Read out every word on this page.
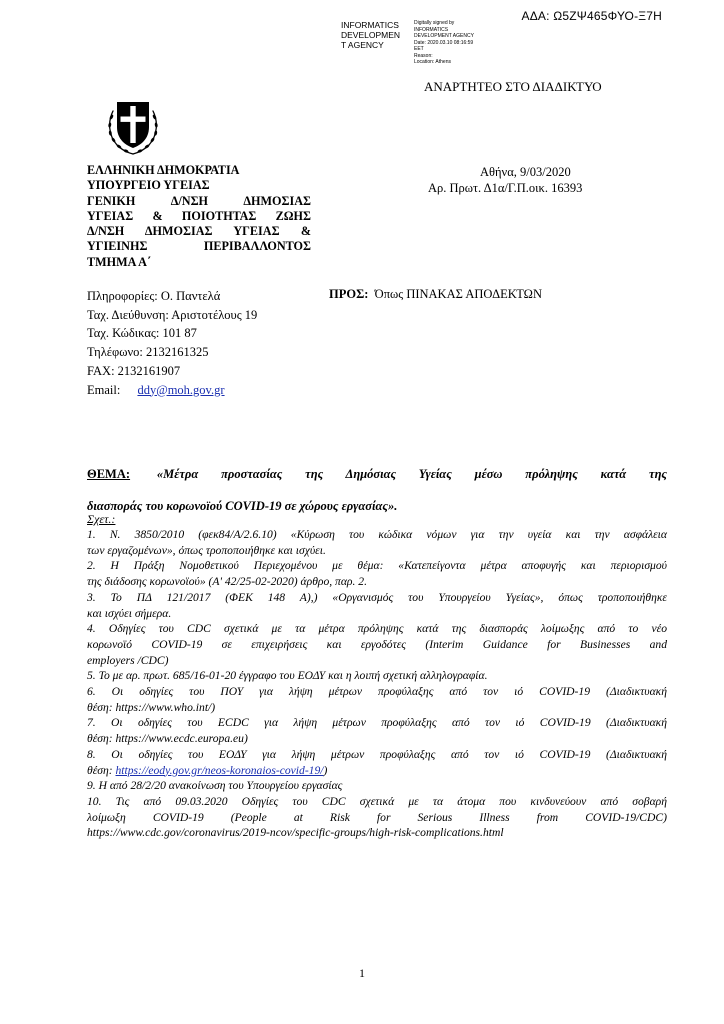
ΑΔΑ: Ω5ΖΨ465ΦΥΟ-Ξ7Η
INFORMATICS
DEVELOPMEN
T AGENCY
Digitally signed by
INFORMATICS
DEVELOPMENT AGENCY
Date: 2020.03.10 08:16:59
EET
Reason:
Location: Athens
ΑΝΑΡΤΗΤΕΟ ΣΤΟ ΔΙΑΔΙΚΤΥΟ
ΕΛΛΗΝΙΚΗ ΔΗΜΟΚΡΑΤΙΑ
ΥΠΟΥΡΓΕΙΟ ΥΓΕΙΑΣ
ΓΕΝΙΚΗ Δ/ΝΣΗ ΔΗΜΟΣΙΑΣ
ΥΓΕΙΑΣ & ΠΟΙΟΤΗΤΑΣ ΖΩΗΣ
Δ/ΝΣΗ ΔΗΜΟΣΙΑΣ ΥΓΕΙΑΣ &
ΥΓΙΕΙΝΗΣ ΠΕΡΙΒΑΛΛΟΝΤΟΣ
ΤΜΗΜΑ Α΄
Αθήνα, 9/03/2020
Αρ. Πρωτ. Δ1α/Γ.Π.οικ. 16393
Πληροφορίες: Ο. Παντελά
Ταχ. Διεύθυνση: Αριστοτέλους 19
Ταχ. Κώδικας: 101 87
Τηλέφωνο: 2132161325
FAX: 2132161907
Email: ddy@moh.gov.gr
ΠΡΟΣ: Όπως ΠΙΝΑΚΑΣ ΑΠΟΔΕΚΤΩΝ
ΘΕΜΑ: «Μέτρα προστασίας της Δημόσιας Υγείας μέσω πρόληψης κατά της
διασποράς του κορωνοϊού COVID-19 σε χώρους εργασίας».
Σχετ.:
1. Ν. 3850/2010 (φεκ84/Α/2.6.10) «Κύρωση του κώδικα νόμων για την υγεία και την ασφάλεια
των εργαζομένων», όπως τροποποιήθηκε και ισχύει.
2. Η Πράξη Νομοθετικού Περιεχομένου με θέμα: «Κατεπείγοντα μέτρα αποφυγής και περιορισμού
της διάδοσης κορωνοϊού» (Α' 42/25-02-2020) άρθρο, παρ. 2.
3. Το ΠΔ 121/2017 (ΦΕΚ 148 Α),) «Οργανισμός του Υπουργείου Υγείας», όπως τροποποιήθηκε
και ισχύει σήμερα.
4. Οδηγίες του CDC σχετικά με τα μέτρα πρόληψης κατά της διασποράς λοίμωξης από το νέο
κορωνοϊό COVID-19 σε επιχειρήσεις και εργοδότες (Interim Guidance for Businesses and
employers /CDC)
5. Το με αρ. πρωτ. 685/16-01-20 έγγραφο του ΕΟΔΥ και η λοιπή σχετική αλληλογραφία.
6. Οι οδηγίες του ΠΟΥ για λήψη μέτρων προφύλαξης από τον ιό COVID-19 (Διαδικτυακή
θέση: https://www.who.int/)
7. Οι οδηγίες του ECDC για λήψη μέτρων προφύλαξης από τον ιό COVID-19 (Διαδικτυακή
θέση: https://www.ecdc.europa.eu)
8. Οι οδηγίες του ΕΟΔΥ για λήψη μέτρων προφύλαξης από τον ιό COVID-19 (Διαδικτυακή
θέση: https://eody.gov.gr/neos-koronaios-covid-19/)
9. Η από 28/2/20 ανακοίνωση του Υπουργείου εργασίας
10. Τις από 09.03.2020 Οδηγίες του CDC σχετικά με τα άτομα που κινδυνεύουν από σοβαρή
λοίμωξη COVID-19 (People at Risk for Serious Illness from COVID-19/CDC)
https://www.cdc.gov/coronavirus/2019-ncov/specific-groups/high-risk-complications.html
1
